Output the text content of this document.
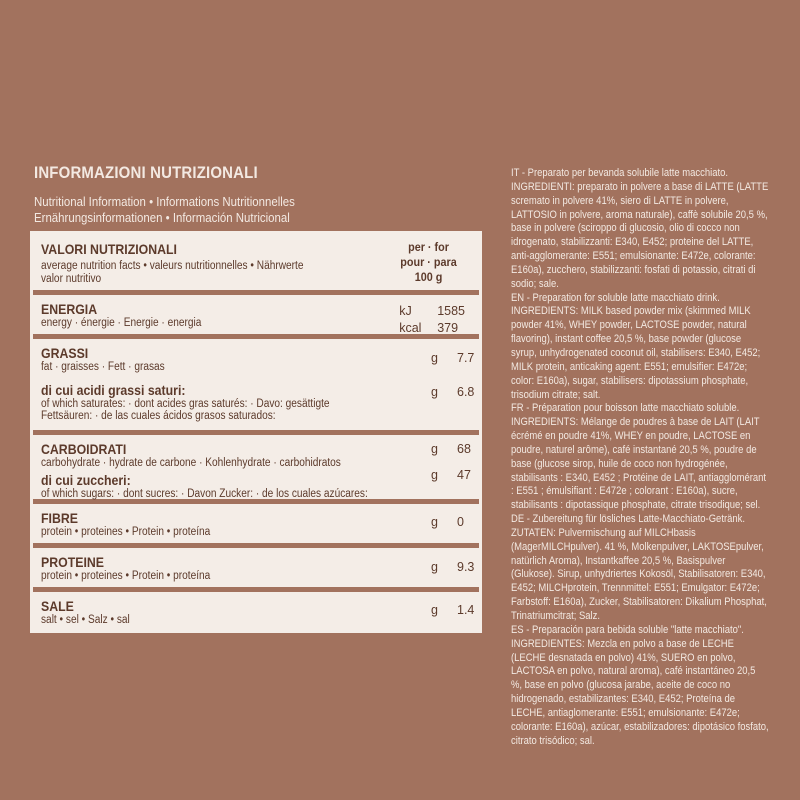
INFORMAZIONI NUTRIZIONALI
Nutritional Information • Informations Nutritionnelles
Ernährungsinformationen • Información Nutricional
VALORI NUTRIZIONALI
average nutrition facts • valeurs nutritionnelles • Nährwerte
valor nutritivo
per · for
pour · para
100 g
ENERGIA
energy · énergie · Energie · energia
kJ 1585
kcal 379
GRASSI
fat · graisses · Fett · grasas
g 7.7
di cui acidi grassi saturi:
of which saturates: · dont acides gras saturés: · Davo: gesättigte Fettsäuren: · de las cuales ácidos grasos saturados:
g 6.8
CARBOIDRATI
carbohydrate · hydrate de carbone · Kohlenhydrate · carbohidratos
g 68
di cui zuccheri:
of which sugars: · dont sucres: · Davon Zucker: · de los cuales azúcares:
g 47
FIBRE
protein • proteines • Protein • proteína
g 0
PROTEINE
protein • proteines • Protein • proteína
g 9.3
SALE
salt • sel • Salz • sal
g 1.4

IT - Preparato per bevanda solubile latte macchiato. INGREDIENTI: preparato in polvere a base di LATTE (LATTE scremato in polvere 41%, siero di LATTE in polvere, LATTOSIO in polvere, aroma naturale), caffè solubile 20,5 %, base in polvere (sciroppo di glucosio, olio di cocco non idrogenato, stabilizzanti: E340, E452; proteine del LATTE, anti-agglomerante: E551; emulsionante: E472e, colorante: E160a), zucchero, stabilizzanti: fosfati di potassio, citrati di sodio; sale.

EN - Preparation for soluble latte macchiato drink. INGREDIENTS: MILK based powder mix (skimmed MILK powder 41%, WHEY powder, LACTOSE powder, natural flavoring), instant coffee 20,5 %, base powder (glucose syrup, unhydrogenated coconut oil, stabilisers: E340, E452; MILK protein, anticaking agent: E551; emulsifier: E472e; color: E160a), sugar, stabilisers: dipotassium phosphate, trisodium citrate; salt.

FR - Préparation pour boisson latte macchiato soluble. INGREDIENTS: Mélange de poudres à base de LAIT (LAIT écrémé en poudre 41%, WHEY en poudre, LACTOSE en poudre, naturel arôme), café instantané 20,5 %, poudre de base (glucose sirop, huile de coco non hydrogénée, stabilisants : E340, E452 ; Protéine de LAIT, antiagglomérant : E551 ; émulsifiant : E472e ; colorant : E160a), sucre, stabilisants : dipotassique phosphate, citrate trisodique; sel.

DE - Zubereitung für lösliches Latte-Macchiato-Getränk. ZUTATEN: Pulvermischung auf MILCHbasis (MagerMILCHpulver). 41 %, Molkenpulver, LAKTOSEpulver, natürlich Aroma), Instantkaffee 20,5 %, Basispulver (Glukose). Sirup, unhydriertes Kokosöl, Stabilisatoren: E340, E452; MILCHprotein, Trennmittel: E551; Emulgator: E472e; Farbstoff: E160a), Zucker, Stabilisatoren: Dikalium Phosphat, Trinatriumcitrat; Salz.

ES - Preparación para bebida soluble "latte macchiato". INGREDIENTES: Mezcla en polvo a base de LECHE (LECHE desnatada en polvo) 41%, SUERO en polvo, LACTOSA en polvo, natural aroma), café instantáneo 20,5 %, base en polvo (glucosa jarabe, aceite de coco no hidrogenado, estabilizantes: E340, E452; Proteína de LECHE, antiaglomerante: E551; emulsionante: E472e; colorante: E160a), azúcar, estabilizadores: dipotásico fosfato, citrato trisódico; sal.
